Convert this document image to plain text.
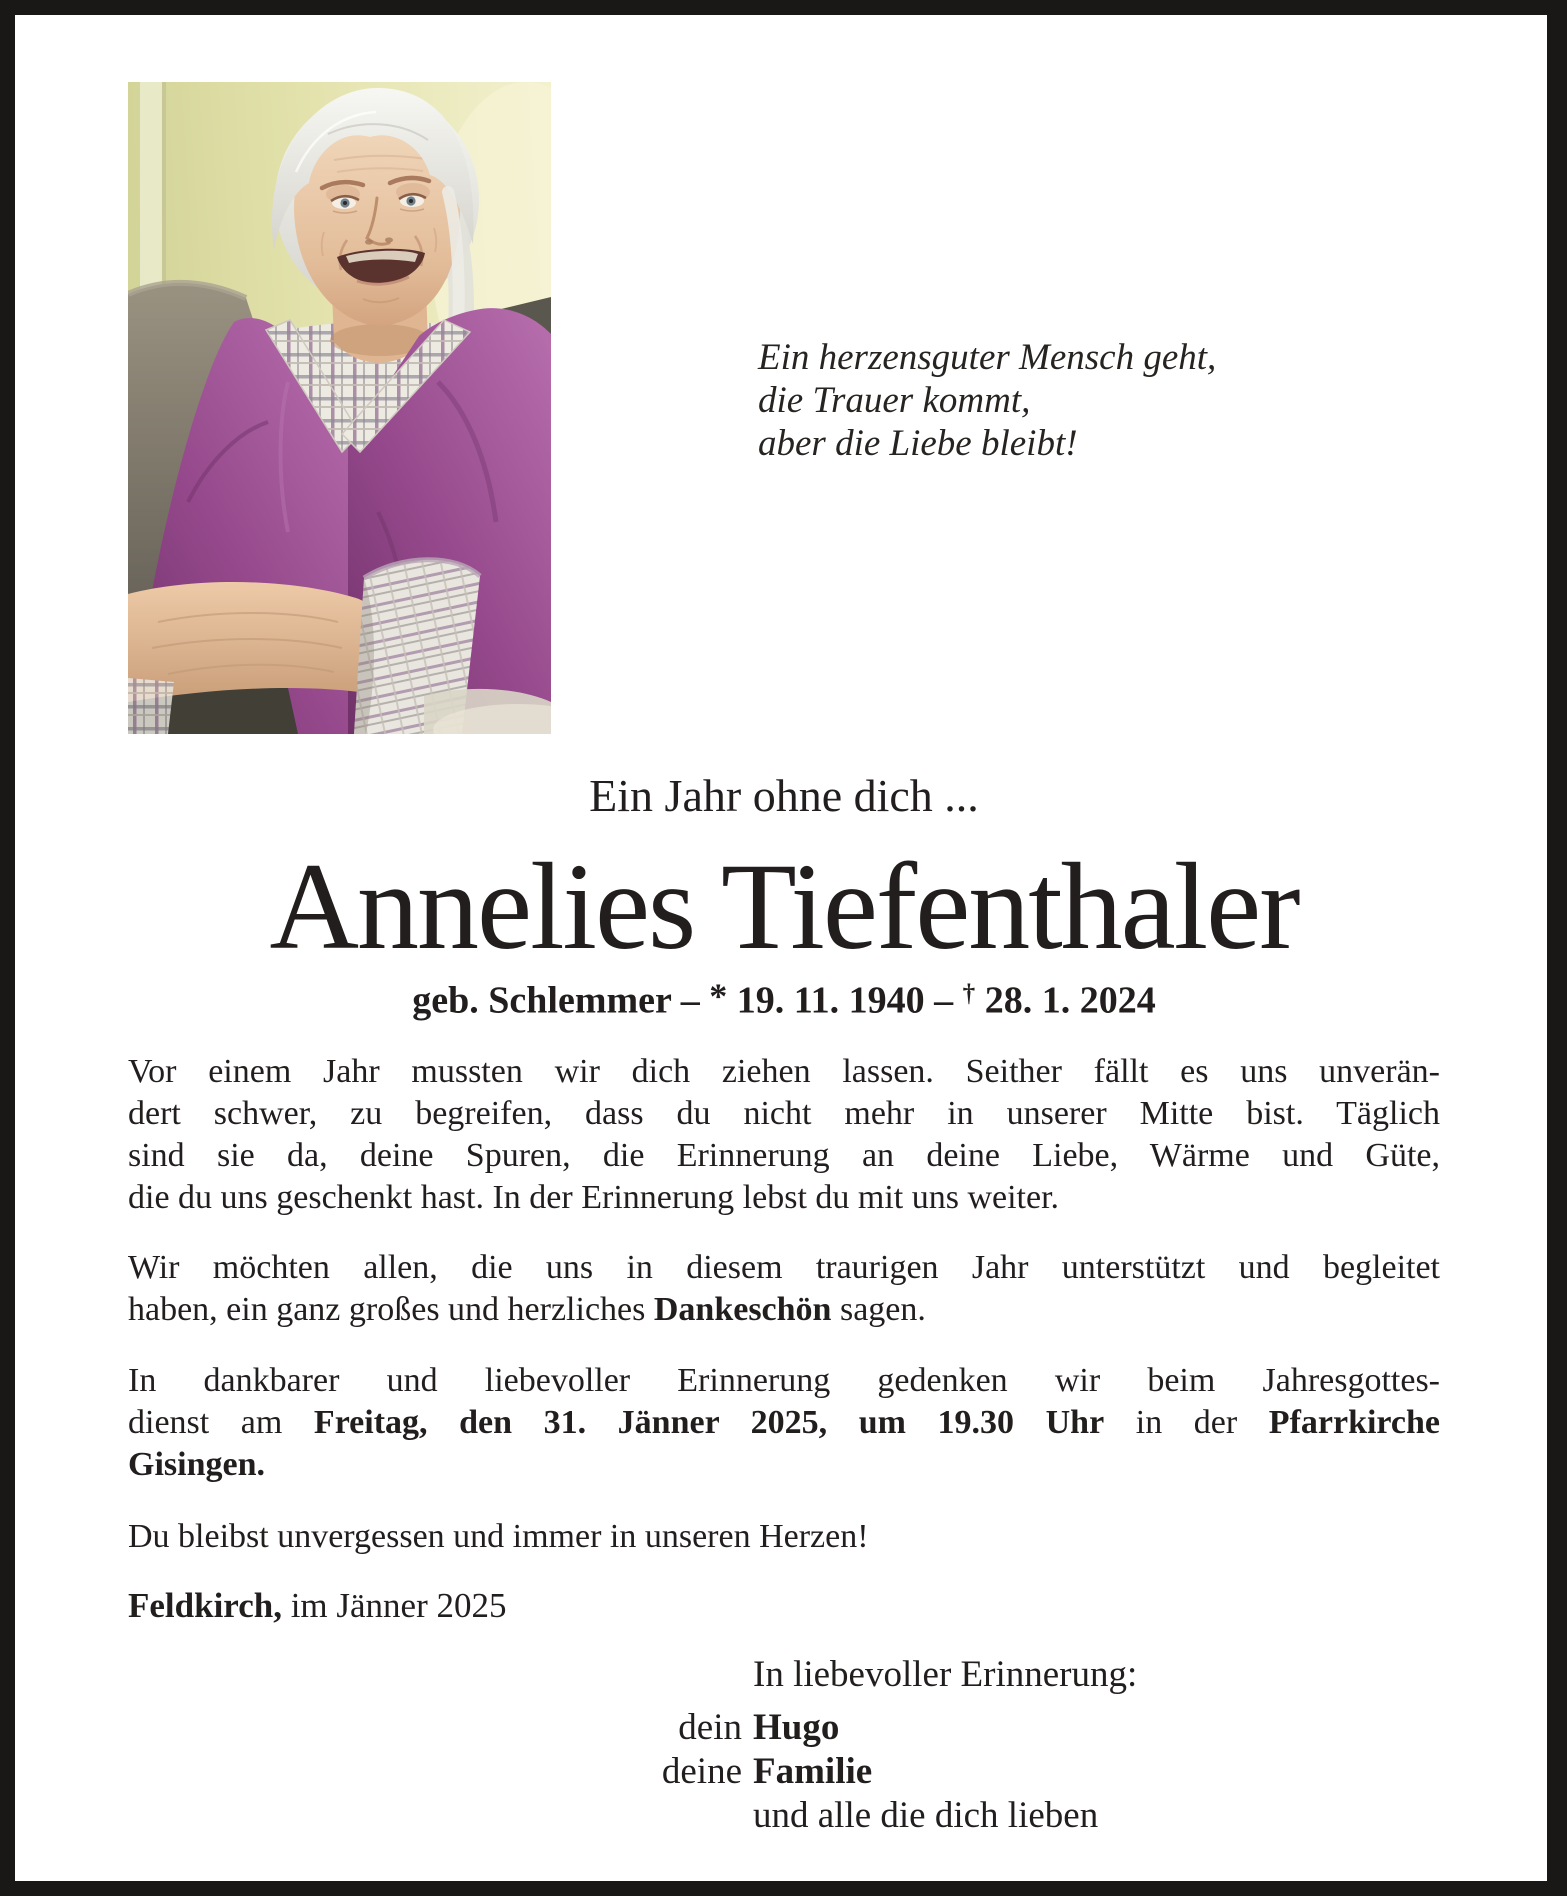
Ein herzensguter Mensch geht,
die Trauer kommt,
aber die Liebe bleibt!
Ein Jahr ohne dich ...
Annelies Tiefenthaler
geb. Schlemmer – * 19. 11. 1940 – † 28. 1. 2024
Vor einem Jahr mussten wir dich ziehen lassen. Seither fällt es uns unverän-
dert schwer, zu begreifen, dass du nicht mehr in unserer Mitte bist. Täglich
sind sie da, deine Spuren, die Erinnerung an deine Liebe, Wärme und Güte,
die du uns geschenkt hast. In der Erinnerung lebst du mit uns weiter.
Wir möchten allen, die uns in diesem traurigen Jahr unterstützt und begleitet
haben, ein ganz großes und herzliches Dankeschön sagen.
In dankbarer und liebevoller Erinnerung gedenken wir beim Jahresgottes-
dienst am Freitag, den 31. Jänner 2025, um 19.30 Uhr in der Pfarrkirche
Gisingen.
Du bleibst unvergessen und immer in unseren Herzen!
Feldkirch, im Jänner 2025
In liebevoller Erinnerung:
dein Hugo
deine Familie
und alle die dich lieben
